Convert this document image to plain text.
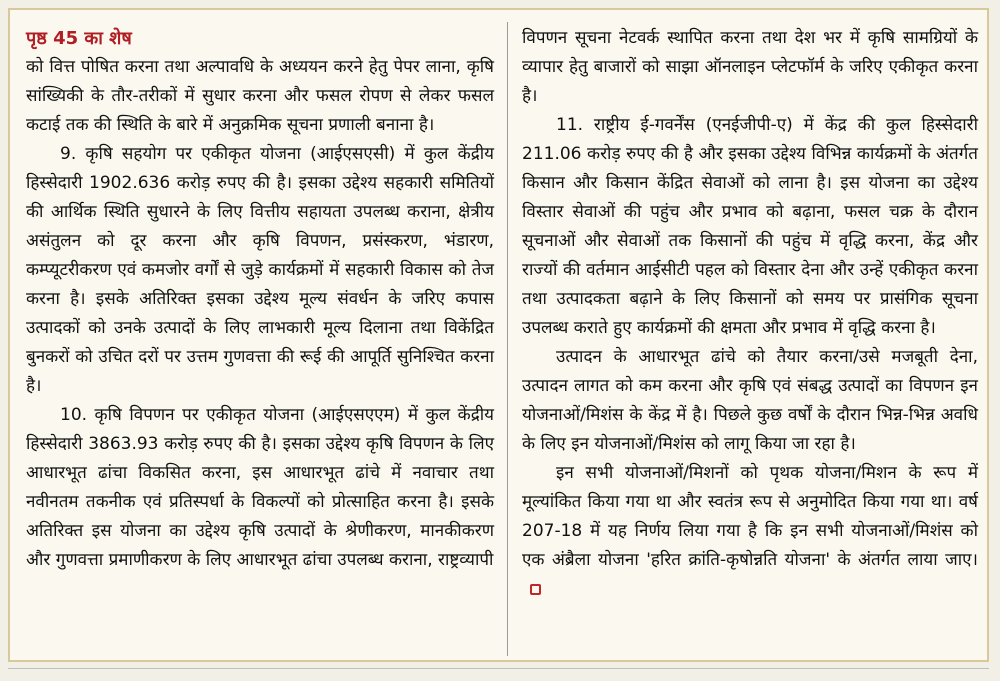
पृष्ठ 45 का शेष

को वित्त पोषित करना तथा अल्पावधि के अध्ययन करने हेतु पेपर लाना, कृषि सांख्यिकी के तौर-तरीकों में सुधार करना और फसल रोपण से लेकर फसल कटाई तक की स्थिति के बारे में अनुक्रमिक सूचना प्रणाली बनाना है।

9. कृषि सहयोग पर एकीकृत योजना (आईएसएसी) में कुल केंद्रीय हिस्सेदारी 1902.636 करोड़ रुपए की है। इसका उद्देश्य सहकारी समितियों की आर्थिक स्थिति सुधारने के लिए वित्तीय सहायता उपलब्ध कराना, क्षेत्रीय असंतुलन को दूर करना और कृषि विपणन, प्रसंस्करण, भंडारण, कम्प्यूटरीकरण एवं कमजोर वर्गों से जुड़े कार्यक्रमों में सहकारी विकास को तेज करना है। इसके अतिरिक्त इसका उद्देश्य मूल्य संवर्धन के जरिए कपास उत्पादकों को उनके उत्पादों के लिए लाभकारी मूल्य दिलाना तथा विकेंद्रित बुनकरों को उचित दरों पर उत्तम गुणवत्ता की रूई की आपूर्ति सुनिश्चित करना है।

10. कृषि विपणन पर एकीकृत योजना (आईएसएएम) में कुल केंद्रीय हिस्सेदारी 3863.93 करोड़ रुपए की है। इसका उद्देश्य कृषि विपणन के लिए आधारभूत ढांचा विकसित करना, इस आधारभूत ढांचे में नवाचार तथा नवीनतम तकनीक एवं प्रतिस्पर्धा के विकल्पों को प्रोत्साहित करना है। इसके अतिरिक्त इस योजना का उद्देश्य कृषि उत्पादों के श्रेणीकरण, मानकीकरण और गुणवत्ता प्रमाणीकरण के लिए आधारभूत ढांचा उपलब्ध कराना, राष्ट्रव्यापी

विपणन सूचना नेटवर्क स्थापित करना तथा देश भर में कृषि सामग्रियों के व्यापार हेतु बाजारों को साझा ऑनलाइन प्लेटफॉर्म के जरिए एकीकृत करना है।

11. राष्ट्रीय ई-गवर्नेंस (एनईजीपी-ए) में केंद्र की कुल हिस्सेदारी 211.06 करोड़ रुपए की है और इसका उद्देश्य विभिन्न कार्यक्रमों के अंतर्गत किसान और किसान केंद्रित सेवाओं को लाना है। इस योजना का उद्देश्य विस्तार सेवाओं की पहुंच और प्रभाव को बढ़ाना, फसल चक्र के दौरान सूचनाओं और सेवाओं तक किसानों की पहुंच में वृद्धि करना, केंद्र और राज्यों की वर्तमान आईसीटी पहल को विस्तार देना और उन्हें एकीकृत करना तथा उत्पादकता बढ़ाने के लिए किसानों को समय पर प्रासंगिक सूचना उपलब्ध कराते हुए कार्यक्रमों की क्षमता और प्रभाव में वृद्धि करना है।

उत्पादन के आधारभूत ढांचे को तैयार करना/उसे मजबूती देना, उत्पादन लागत को कम करना और कृषि एवं संबद्ध उत्पादों का विपणन इन योजनाओं/मिशंस के केंद्र में है। पिछले कुछ वर्षों के दौरान भिन्न-भिन्न अवधि के लिए इन योजनाओं/मिशंस को लागू किया जा रहा है।

इन सभी योजनाओं/मिशनों को पृथक योजना/मिशन के रूप में मूल्यांकित किया गया था और स्वतंत्र रूप से अनुमोदित किया गया था। वर्ष 207-18 में यह निर्णय लिया गया है कि इन सभी योजनाओं/मिशंस को एक अंब्रैला योजना 'हरित क्रांति-कृषोन्नति योजना' के अंतर्गत लाया जाए।
